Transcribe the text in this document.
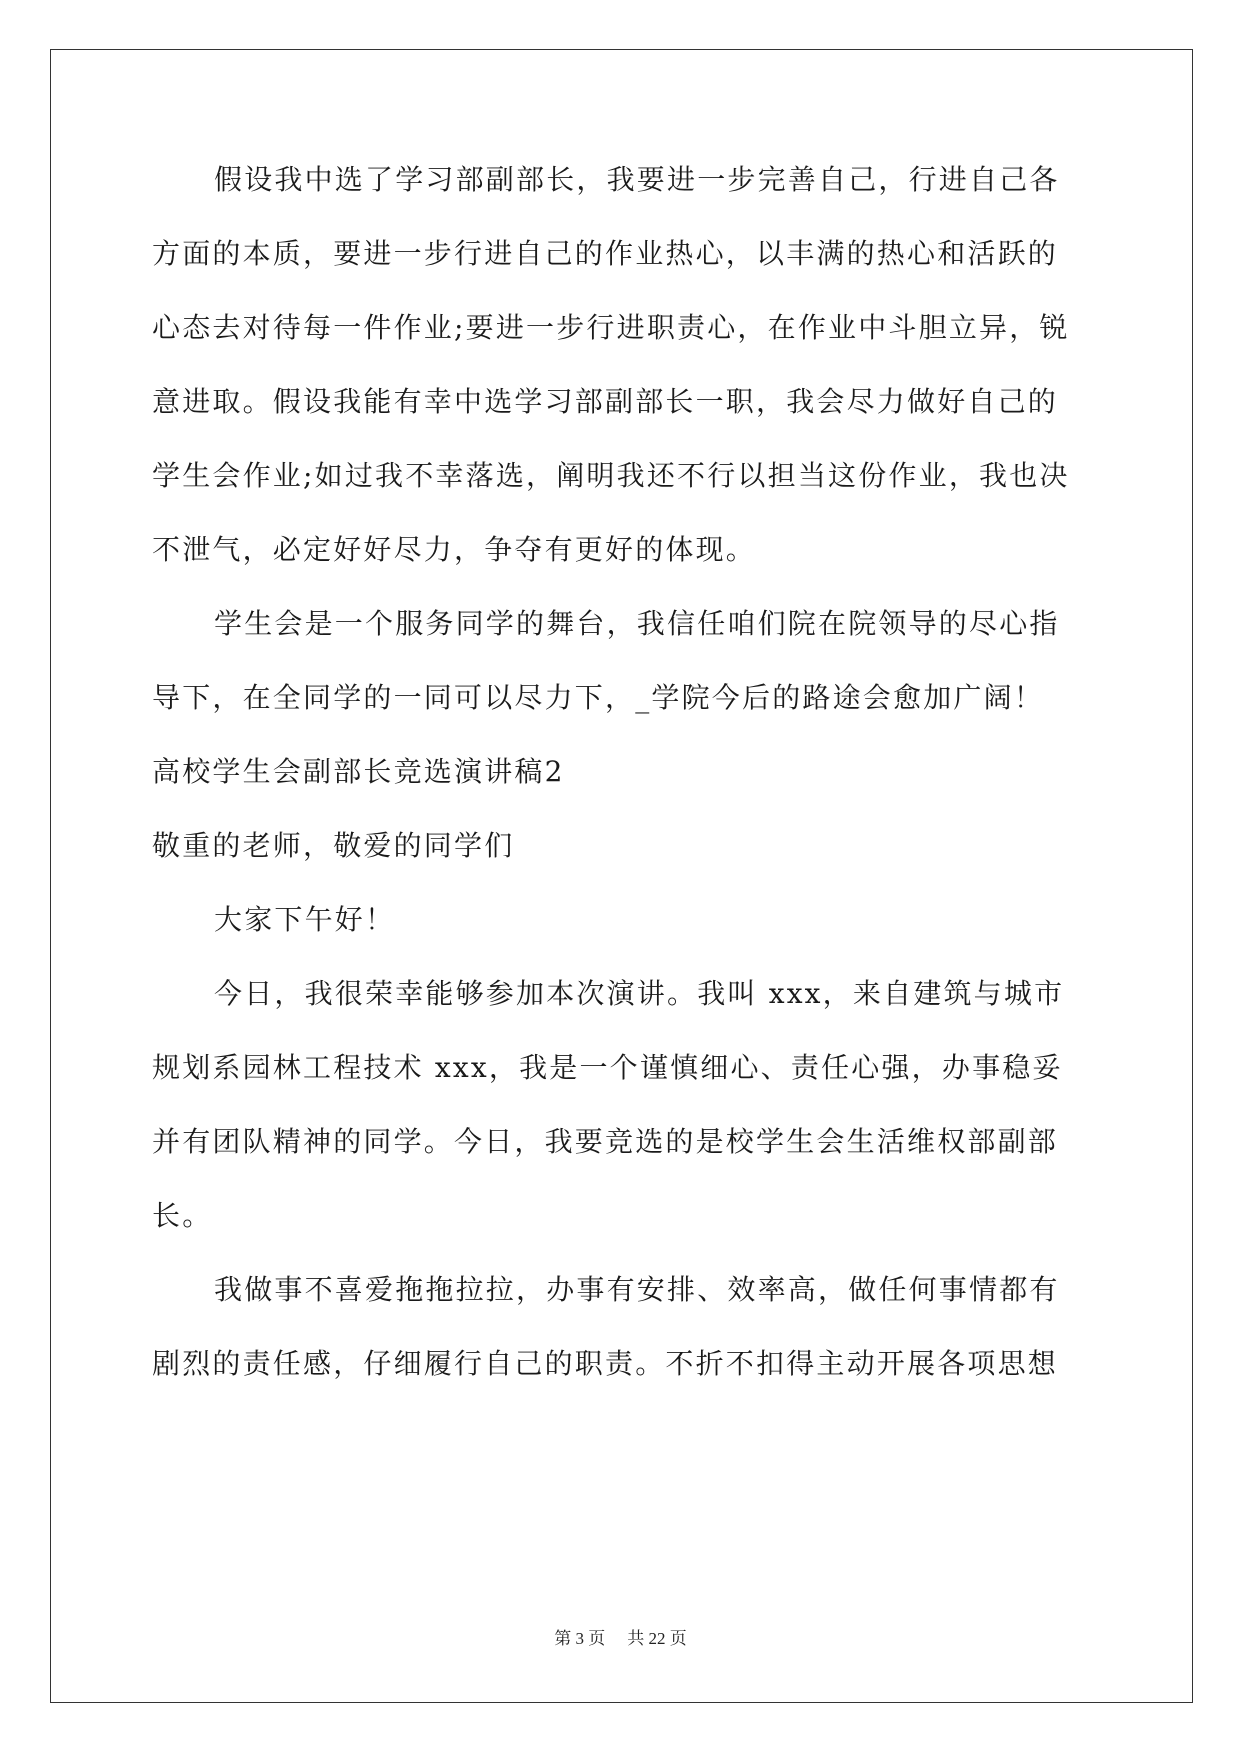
假设我中选了学习部副部长，我要进一步完善自己，行进自己各
方面的本质，要进一步行进自己的作业热心，以丰满的热心和活跃的
心态去对待每一件作业;要进一步行进职责心，在作业中斗胆立异，锐
意进取。假设我能有幸中选学习部副部长一职，我会尽力做好自己的
学生会作业;如过我不幸落选，阐明我还不行以担当这份作业，我也决
不泄气，必定好好尽力，争夺有更好的体现。
学生会是一个服务同学的舞台，我信任咱们院在院领导的尽心指
导下，在全同学的一同可以尽力下，_学院今后的路途会愈加广阔！
高校学生会副部长竞选演讲稿2
敬重的老师，敬爱的同学们
大家下午好！
今日，我很荣幸能够参加本次演讲。我叫 xxx，来自建筑与城市
规划系园林工程技术 xxx，我是一个谨慎细心、责任心强，办事稳妥
并有团队精神的同学。今日，我要竞选的是校学生会生活维权部副部
长。
我做事不喜爱拖拖拉拉，办事有安排、效率高，做任何事情都有
剧烈的责任感，仔细履行自己的职责。不折不扣得主动开展各项思想
第 3 页 共 22 页
